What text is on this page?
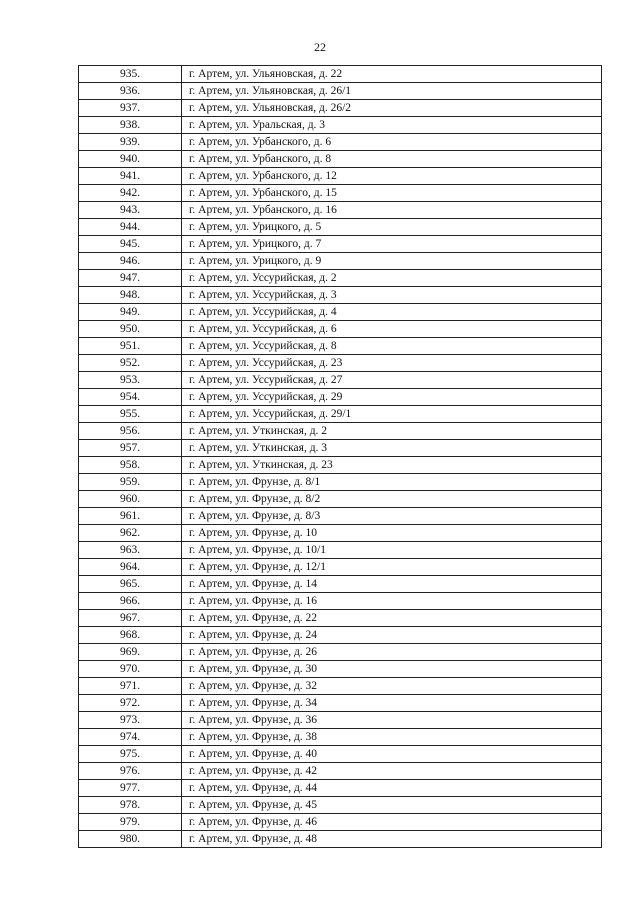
22
935.	г. Артем, ул. Ульяновская, д. 22
936.	г. Артем, ул. Ульяновская, д. 26/1
937.	г. Артем, ул. Ульяновская, д. 26/2
938.	г. Артем, ул. Уральская, д. 3
939.	г. Артем, ул. Урбанского, д. 6
940.	г. Артем, ул. Урбанского, д. 8
941.	г. Артем, ул. Урбанского, д. 12
942.	г. Артем, ул. Урбанского, д. 15
943.	г. Артем, ул. Урбанского, д. 16
944.	г. Артем, ул. Урицкого, д. 5
945.	г. Артем, ул. Урицкого, д. 7
946.	г. Артем, ул. Урицкого, д. 9
947.	г. Артем, ул. Уссурийская, д. 2
948.	г. Артем, ул. Уссурийская, д. 3
949.	г. Артем, ул. Уссурийская, д. 4
950.	г. Артем, ул. Уссурийская, д. 6
951.	г. Артем, ул. Уссурийская, д. 8
952.	г. Артем, ул. Уссурийская, д. 23
953.	г. Артем, ул. Уссурийская, д. 27
954.	г. Артем, ул. Уссурийская, д. 29
955.	г. Артем, ул. Уссурийская, д. 29/1
956.	г. Артем, ул. Уткинская, д. 2
957.	г. Артем, ул. Уткинская, д. 3
958.	г. Артем, ул. Уткинская, д. 23
959.	г. Артем, ул. Фрунзе, д. 8/1
960.	г. Артем, ул. Фрунзе, д. 8/2
961.	г. Артем, ул. Фрунзе, д. 8/3
962.	г. Артем, ул. Фрунзе, д. 10
963.	г. Артем, ул. Фрунзе, д. 10/1
964.	г. Артем, ул. Фрунзе, д. 12/1
965.	г. Артем, ул. Фрунзе, д. 14
966.	г. Артем, ул. Фрунзе, д. 16
967.	г. Артем, ул. Фрунзе, д. 22
968.	г. Артем, ул. Фрунзе, д. 24
969.	г. Артем, ул. Фрунзе, д. 26
970.	г. Артем, ул. Фрунзе, д. 30
971.	г. Артем, ул. Фрунзе, д. 32
972.	г. Артем, ул. Фрунзе, д. 34
973.	г. Артем, ул. Фрунзе, д. 36
974.	г. Артем, ул. Фрунзе, д. 38
975.	г. Артем, ул. Фрунзе, д. 40
976.	г. Артем, ул. Фрунзе, д. 42
977.	г. Артем, ул. Фрунзе, д. 44
978.	г. Артем, ул. Фрунзе, д. 45
979.	г. Артем, ул. Фрунзе, д. 46
980.	г. Артем, ул. Фрунзе, д. 48
